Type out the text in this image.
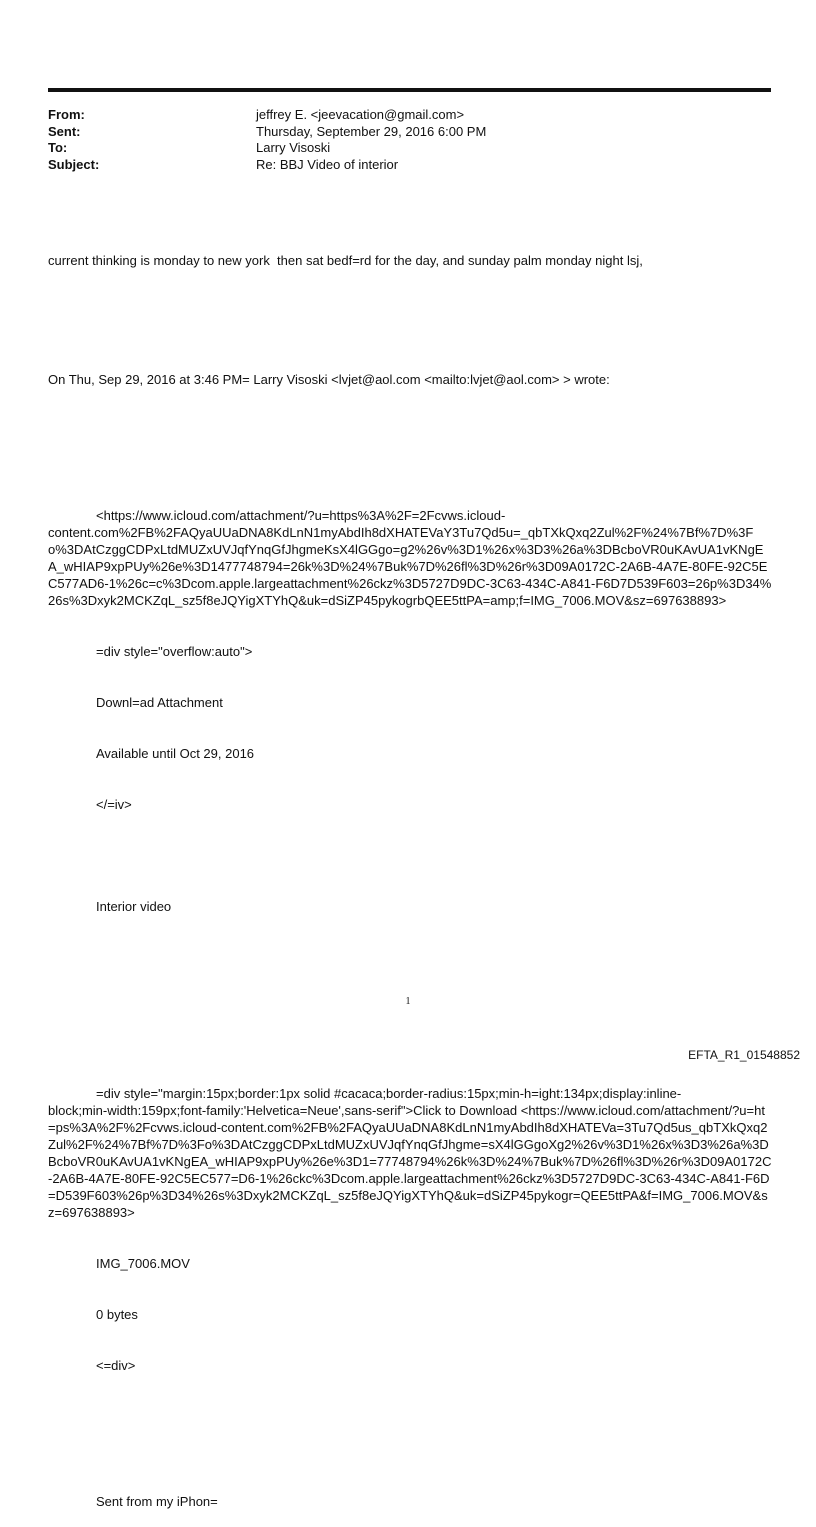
From:	jeffrey E. <jeevacation@gmail.com>
Sent:	Thursday, September 29, 2016 6:00 PM
To:	Larry Visoski
Subject:	Re: BBJ Video of interior

current thinking is monday to new york  then sat bedf=rd for the day, and sunday palm monday night lsj,

On Thu, Sep 29, 2016 at 3:46 PM= Larry Visoski <lvjet@aol.com <mailto:lvjet@aol.com> > wrote:

<https://www.icloud.com/attachment/?u=https%3A%2F=2Fcvws.icloud-
content.com%2FB%2FAQyaUUaDNA8KdLnN1myAbdIh8dXHATEVaY3Tu7Qd5u=_qbTXkQxq2Zul%2F%24%7Bf%7D%3Fo%3DAtCzggCDPxLtdMUZxUVJqfYnqGfJhgmeKsX4lGGgo=g2%26v%3D1%26x%3D3%26a%3DBcboVR0uKAvUA1vKNgEA_wHIAP9xpPUy%26e%3D1477748794=26k%3D%24%7Buk%7D%26fl%3D%26r%3D09A0172C-2A6B-4A7E-80FE-92C5EC577AD6-1%26c=c%3Dcom.apple.largeattachment%26ckz%3D5727D9DC-3C63-434C-A841-F6D7D539F603=26p%3D34%26s%3Dxyk2MCKZqL_sz5f8eJQYigXTYhQ&uk=dSiZP45pykogrbQEE5ttPA=amp;f=IMG_7006.MOV&sz=697638893>

=div style="overflow:auto">

Downl=ad Attachment

Available until Oct 29, 2016

</=iv>

Interior video

=div style="margin:15px;border:1px solid #cacaca;border-radius:15px;min-h=ight:134px;display:inline-
block;min-width:159px;font-family:'Helvetica=Neue',sans-serif">Click to Download <https://www.icloud.com/attachment/?u=ht=ps%3A%2F%2Fcvws.icloud-content.com%2FB%2FAQyaUUaDNA8KdLnN1myAbdIh8dXHATEVa=3Tu7Qd5us_qbTXkQxq2Zul%2F%24%7Bf%7D%3Fo%3DAtCzggCDPxLtdMUZxUVJqfYnqGfJhgme=sX4lGGgoXg2%26v%3D1%26x%3D3%26a%3DBcboVR0uKAvUA1vKNgEA_wHIAP9xpPUy%26e%3D1=77748794%26k%3D%24%7Buk%7D%26fl%3D%26r%3D09A0172C-2A6B-4A7E-80FE-92C5EC577=D6-1%26ckc%3Dcom.apple.largeattachment%26ckz%3D5727D9DC-3C63-434C-A841-F6D=D539F603%26p%3D34%26s%3Dxyk2MCKZqL_sz5f8eJQYigXTYhQ&uk=dSiZP45pykogr=QEE5ttPA&f=IMG_7006.MOV&sz=697638893>

IMG_7006.MOV

0 bytes

<=div>

Sent from my iPhon=

1
EFTA_R1_01548852
